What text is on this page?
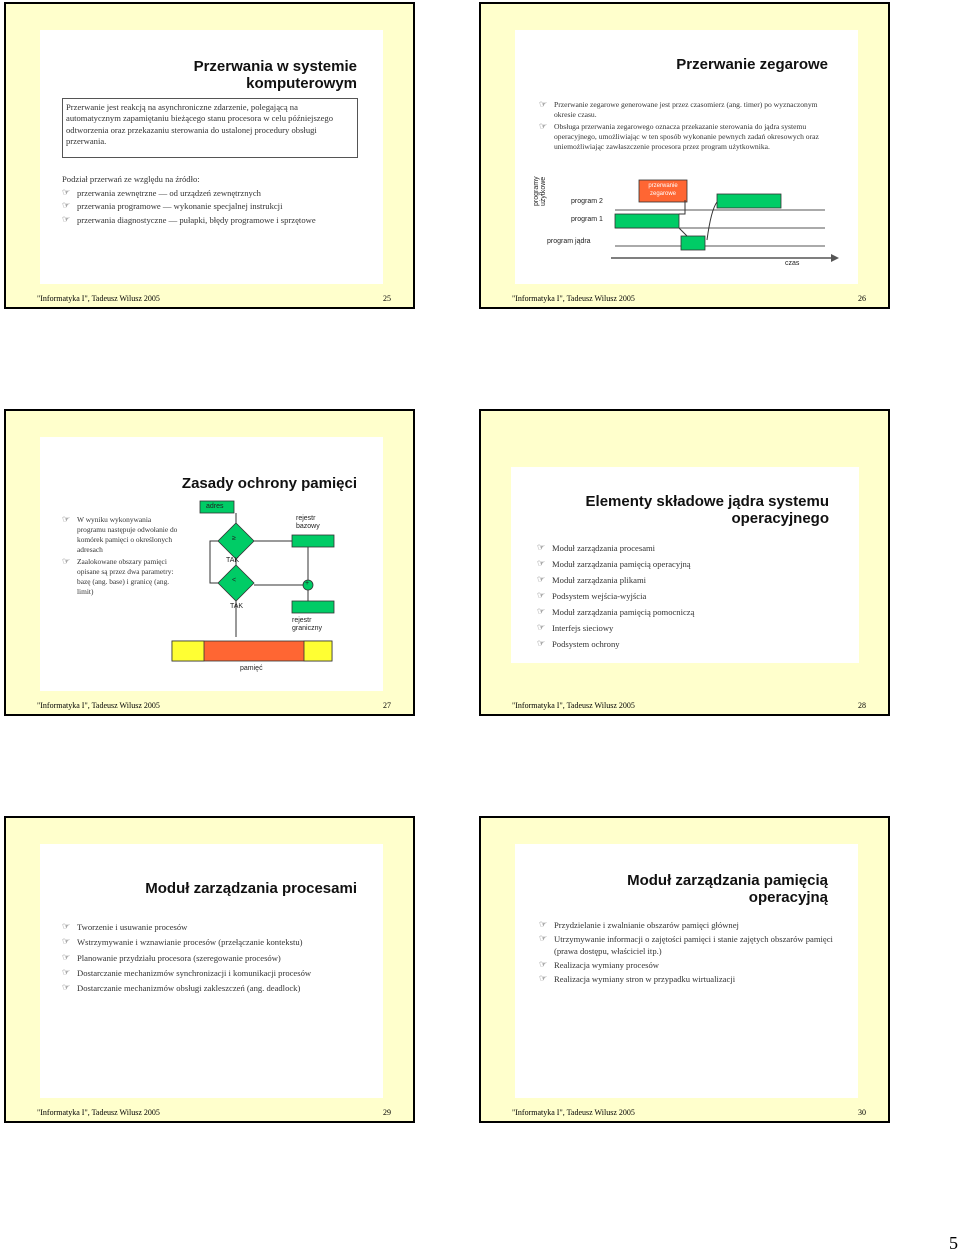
Przerwania w systemie
komputerowym
Przerwanie jest reakcją na asynchroniczne zdarzenie, polegającą na automatycznym zapamiętaniu bieżącego stanu procesora w celu późniejszego odtworzenia oraz przekazaniu sterowania do ustalonej procedury obsługi przerwania.
Podział przerwań ze względu na źródło:
☞ przerwania zewnętrzne — od urządzeń zewnętrznych
☞ przerwania programowe — wykonanie specjalnej instrukcji
☞ przerwania diagnostyczne — pułapki, błędy programowe i sprzętowe
"Informatyka I", Tadeusz Wilusz 2005	25
Przerwanie zegarowe
☞ Przerwanie zegarowe generowane jest przez czasomierz (ang. timer) po wyznaczonym okresie czasu.
☞ Obsługa przerwania zegarowego oznacza przekazanie sterowania do jądra systemu operacyjnego, umożliwiając w ten sposób wykonanie pewnych zadań okresowych oraz uniemożliwiając zawłaszczenie procesora przez program użytkownika.
programy użytkowe	program 2
program 1
program jądra
przerwanie zegarowe
czas
"Informatyka I", Tadeusz Wilusz 2005	26
Zasady ochrony pamięci
☞ W wyniku wykonywania programu następuje odwołanie do komórek pamięci o określonych adresach
☞ Zaalokowane obszary pamięci opisane są przez dwa parametry: bazę (ang. base) i granicę (ang. limit)
adres
rejestr bazowy
≥
<
TAK
TAK
+
rejestr graniczny
pamięć
"Informatyka I", Tadeusz Wilusz 2005	27
Elementy składowe jądra systemu
operacyjnego
☞ Moduł zarządzania procesami
☞ Moduł zarządzania pamięcią operacyjną
☞ Moduł zarządzania plikami
☞ Podsystem wejścia-wyjścia
☞ Moduł zarządzania pamięcią pomocniczą
☞ Interfejs sieciowy
☞ Podsystem ochrony
"Informatyka I", Tadeusz Wilusz 2005	28
Moduł zarządzania procesami
☞ Tworzenie i usuwanie procesów
☞ Wstrzymywanie i wznawianie procesów (przełączanie kontekstu)
☞ Planowanie przydziału procesora (szeregowanie procesów)
☞ Dostarczanie mechanizmów synchronizacji i komunikacji procesów
☞ Dostarczanie mechanizmów obsługi zakleszczeń (ang. deadlock)
"Informatyka I", Tadeusz Wilusz 2005	29
Moduł zarządzania pamięcią
operacyjną
☞ Przydzielanie i zwalnianie obszarów pamięci głównej
☞ Utrzymywanie informacji o zajętości pamięci i stanie zajętych obszarów pamięci (prawa dostępu, właściciel itp.)
☞ Realizacja wymiany procesów
☞ Realizacja wymiany stron w przypadku wirtualizacji
"Informatyka I", Tadeusz Wilusz 2005	30
5
